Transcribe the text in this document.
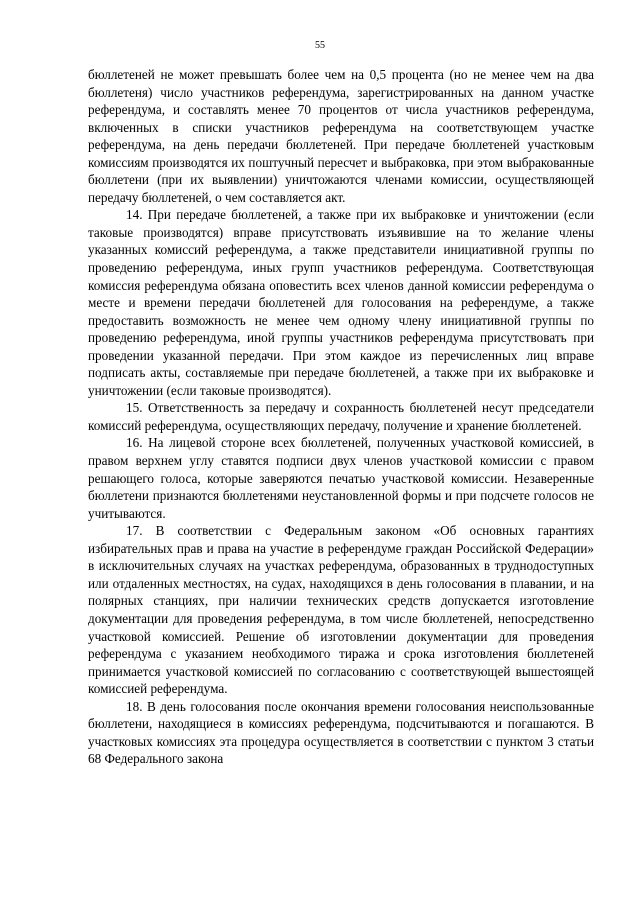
55

бюллетеней не может превышать более чем на 0,5 процента (но не менее чем на два бюллетеня) число участников референдума, зарегистрированных на данном участке референдума, и составлять менее 70 процентов от числа участников референдума, включенных в списки участников референдума на соответствующем участке референдума, на день передачи бюллетеней. При передаче бюллетеней участковым комиссиям производятся их поштучный пересчет и выбраковка, при этом выбракованные бюллетени (при их выявлении) уничтожаются членами комиссии, осуществляющей передачу бюллетеней, о чем составляется акт.

14. При передаче бюллетеней, а также при их выбраковке и уничтожении (если таковые производятся) вправе присутствовать изъявившие на то желание члены указанных комиссий референдума, а также представители инициативной группы по проведению референдума, иных групп участников референдума. Соответствующая комиссия референдума обязана оповестить всех членов данной комиссии референдума о месте и времени передачи бюллетеней для голосования на референдуме, а также предоставить возможность не менее чем одному члену инициативной группы по проведению референдума, иной группы участников референдума присутствовать при проведении указанной передачи. При этом каждое из перечисленных лиц вправе подписать акты, составляемые при передаче бюллетеней, а также при их выбраковке и уничтожении (если таковые производятся).

15. Ответственность за передачу и сохранность бюллетеней несут председатели комиссий референдума, осуществляющих передачу, получение и хранение бюллетеней.

16. На лицевой стороне всех бюллетеней, полученных участковой комиссией, в правом верхнем углу ставятся подписи двух членов участковой комиссии с правом решающего голоса, которые заверяются печатью участковой комиссии. Незаверенные бюллетени признаются бюллетенями неустановленной формы и при подсчете голосов не учитываются.

17. В соответствии с Федеральным законом «Об основных гарантиях избирательных прав и права на участие в референдуме граждан Российской Федерации» в исключительных случаях на участках референдума, образованных в труднодоступных или отдаленных местностях, на судах, находящихся в день голосования в плавании, и на полярных станциях, при наличии технических средств допускается изготовление документации для проведения референдума, в том числе бюллетеней, непосредственно участковой комиссией. Решение об изготовлении документации для проведения референдума с указанием необходимого тиража и срока изготовления бюллетеней принимается участковой комиссией по согласованию с соответствующей вышестоящей комиссией референдума.

18. В день голосования после окончания времени голосования неиспользованные бюллетени, находящиеся в комиссиях референдума, подсчитываются и погашаются. В участковых комиссиях эта процедура осуществляется в соответствии с пунктом 3 статьи 68 Федерального закона
